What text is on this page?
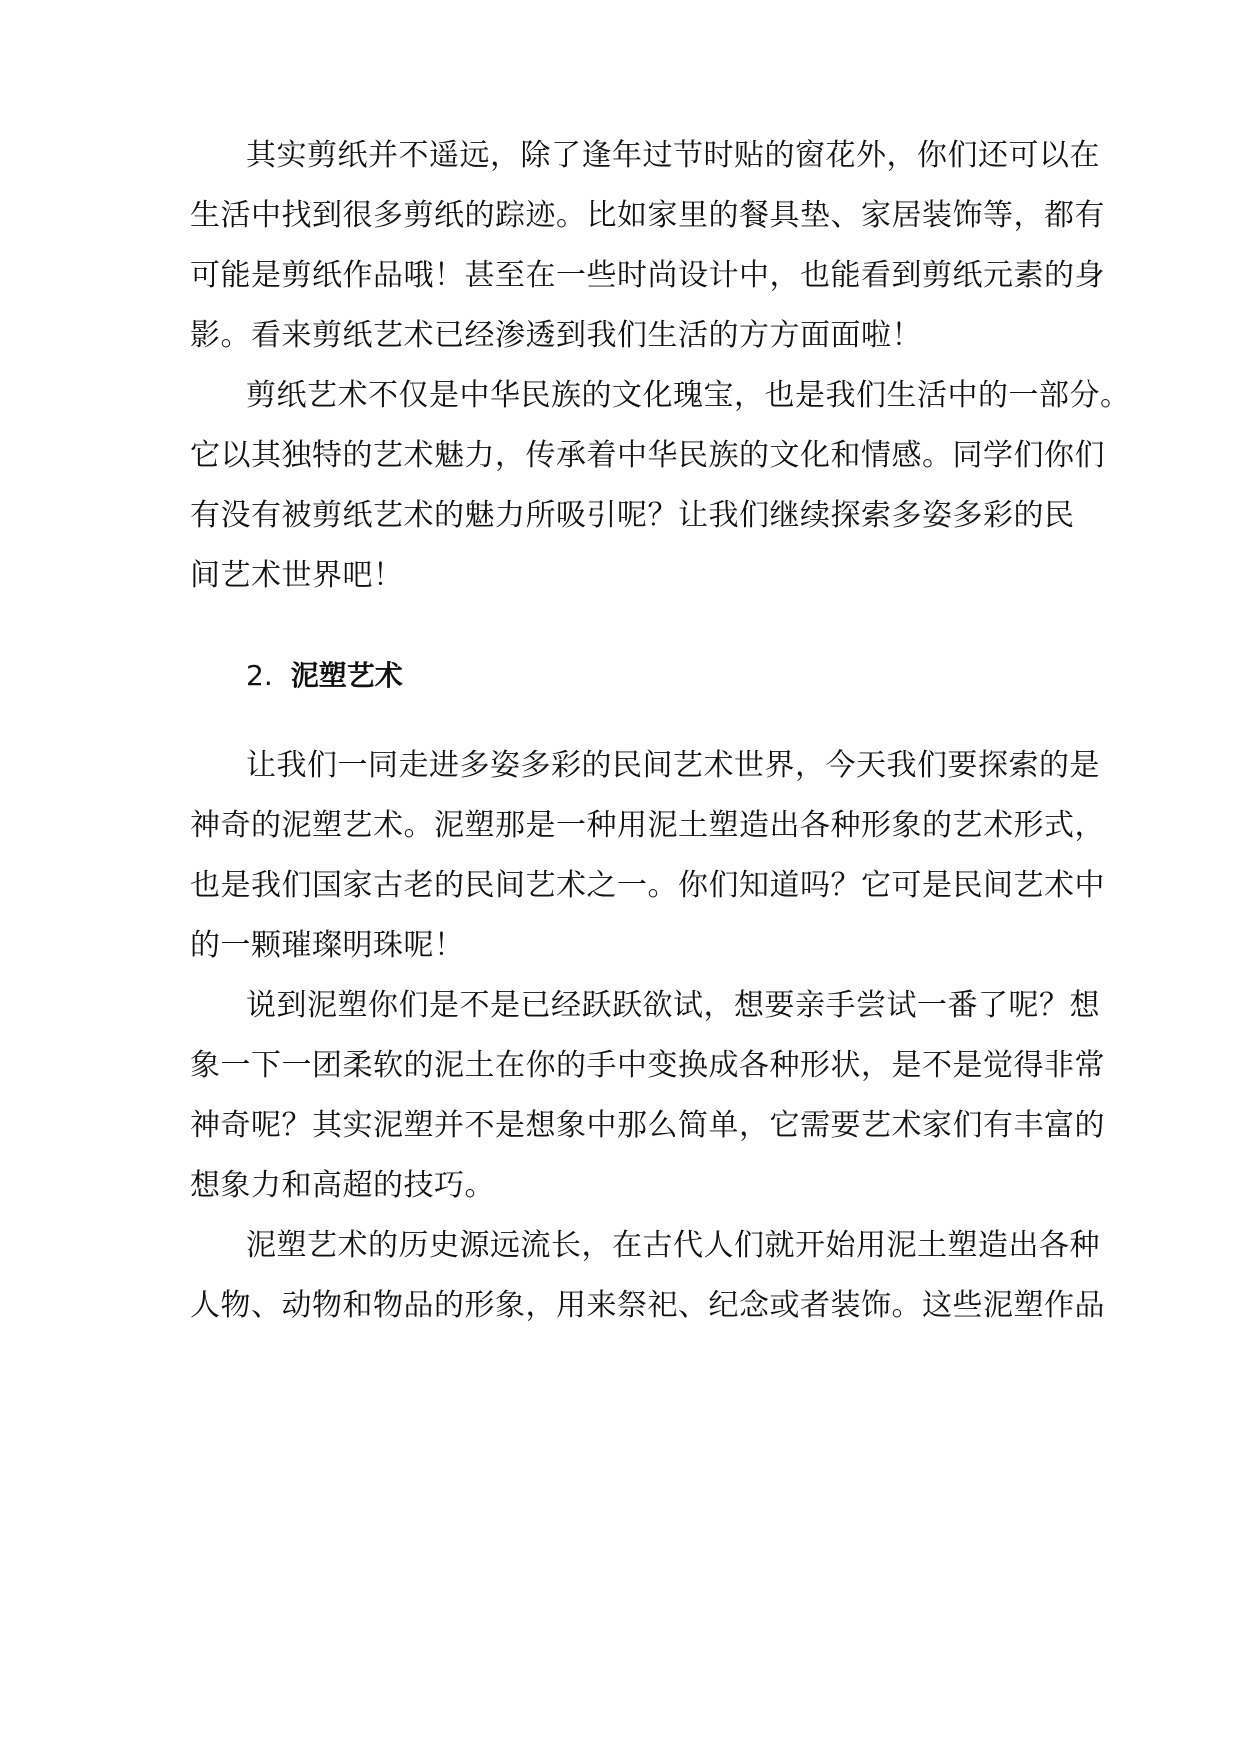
其实剪纸并不遥远，除了逢年过节时贴的窗花外，你们还可以在
生活中找到很多剪纸的踪迹。比如家里的餐具垫、家居装饰等，都有
可能是剪纸作品哦！甚至在一些时尚设计中，也能看到剪纸元素的身
影。看来剪纸艺术已经渗透到我们生活的方方面面啦！
剪纸艺术不仅是中华民族的文化瑰宝，也是我们生活中的一部分。
它以其独特的艺术魅力，传承着中华民族的文化和情感。同学们你们
有没有被剪纸艺术的魅力所吸引呢？让我们继续探索多姿多彩的民
间艺术世界吧！
2. 泥塑艺术
让我们一同走进多姿多彩的民间艺术世界，今天我们要探索的是
神奇的泥塑艺术。泥塑那是一种用泥土塑造出各种形象的艺术形式，
也是我们国家古老的民间艺术之一。你们知道吗？它可是民间艺术中
的一颗璀璨明珠呢！
说到泥塑你们是不是已经跃跃欲试，想要亲手尝试一番了呢？想
象一下一团柔软的泥土在你的手中变换成各种形状，是不是觉得非常
神奇呢？其实泥塑并不是想象中那么简单，它需要艺术家们有丰富的
想象力和高超的技巧。
泥塑艺术的历史源远流长，在古代人们就开始用泥土塑造出各种
人物、动物和物品的形象，用来祭祀、纪念或者装饰。这些泥塑作品
